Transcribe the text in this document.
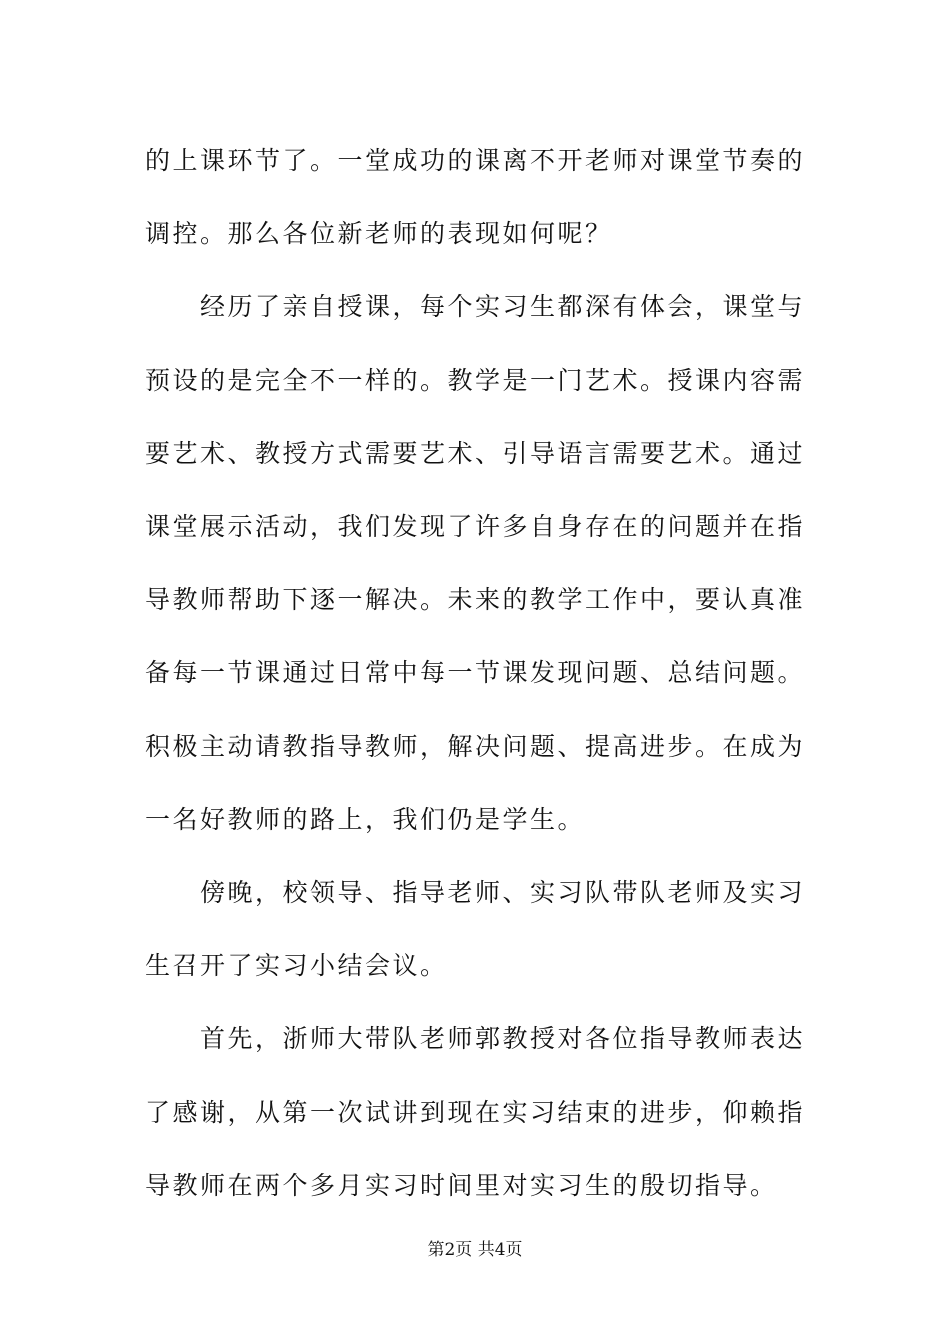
的上课环节了。一堂成功的课离不开老师对课堂节奏的调控。那么各位新老师的表现如何呢？

经历了亲自授课，每个实习生都深有体会，课堂与预设的是完全不一样的。教学是一门艺术。授课内容需要艺术、教授方式需要艺术、引导语言需要艺术。通过课堂展示活动，我们发现了许多自身存在的问题并在指导教师帮助下逐一解决。未来的教学工作中，要认真准备每一节课通过日常中每一节课发现问题、总结问题。积极主动请教指导教师，解决问题、提高进步。在成为一名好教师的路上，我们仍是学生。

傍晚，校领导、指导老师、实习队带队老师及实习生召开了实习小结会议。

首先，浙师大带队老师郭教授对各位指导教师表达了感谢，从第一次试讲到现在实习结束的进步，仰赖指导教师在两个多月实习时间里对实习生的殷切指导。

第2页 共4页
